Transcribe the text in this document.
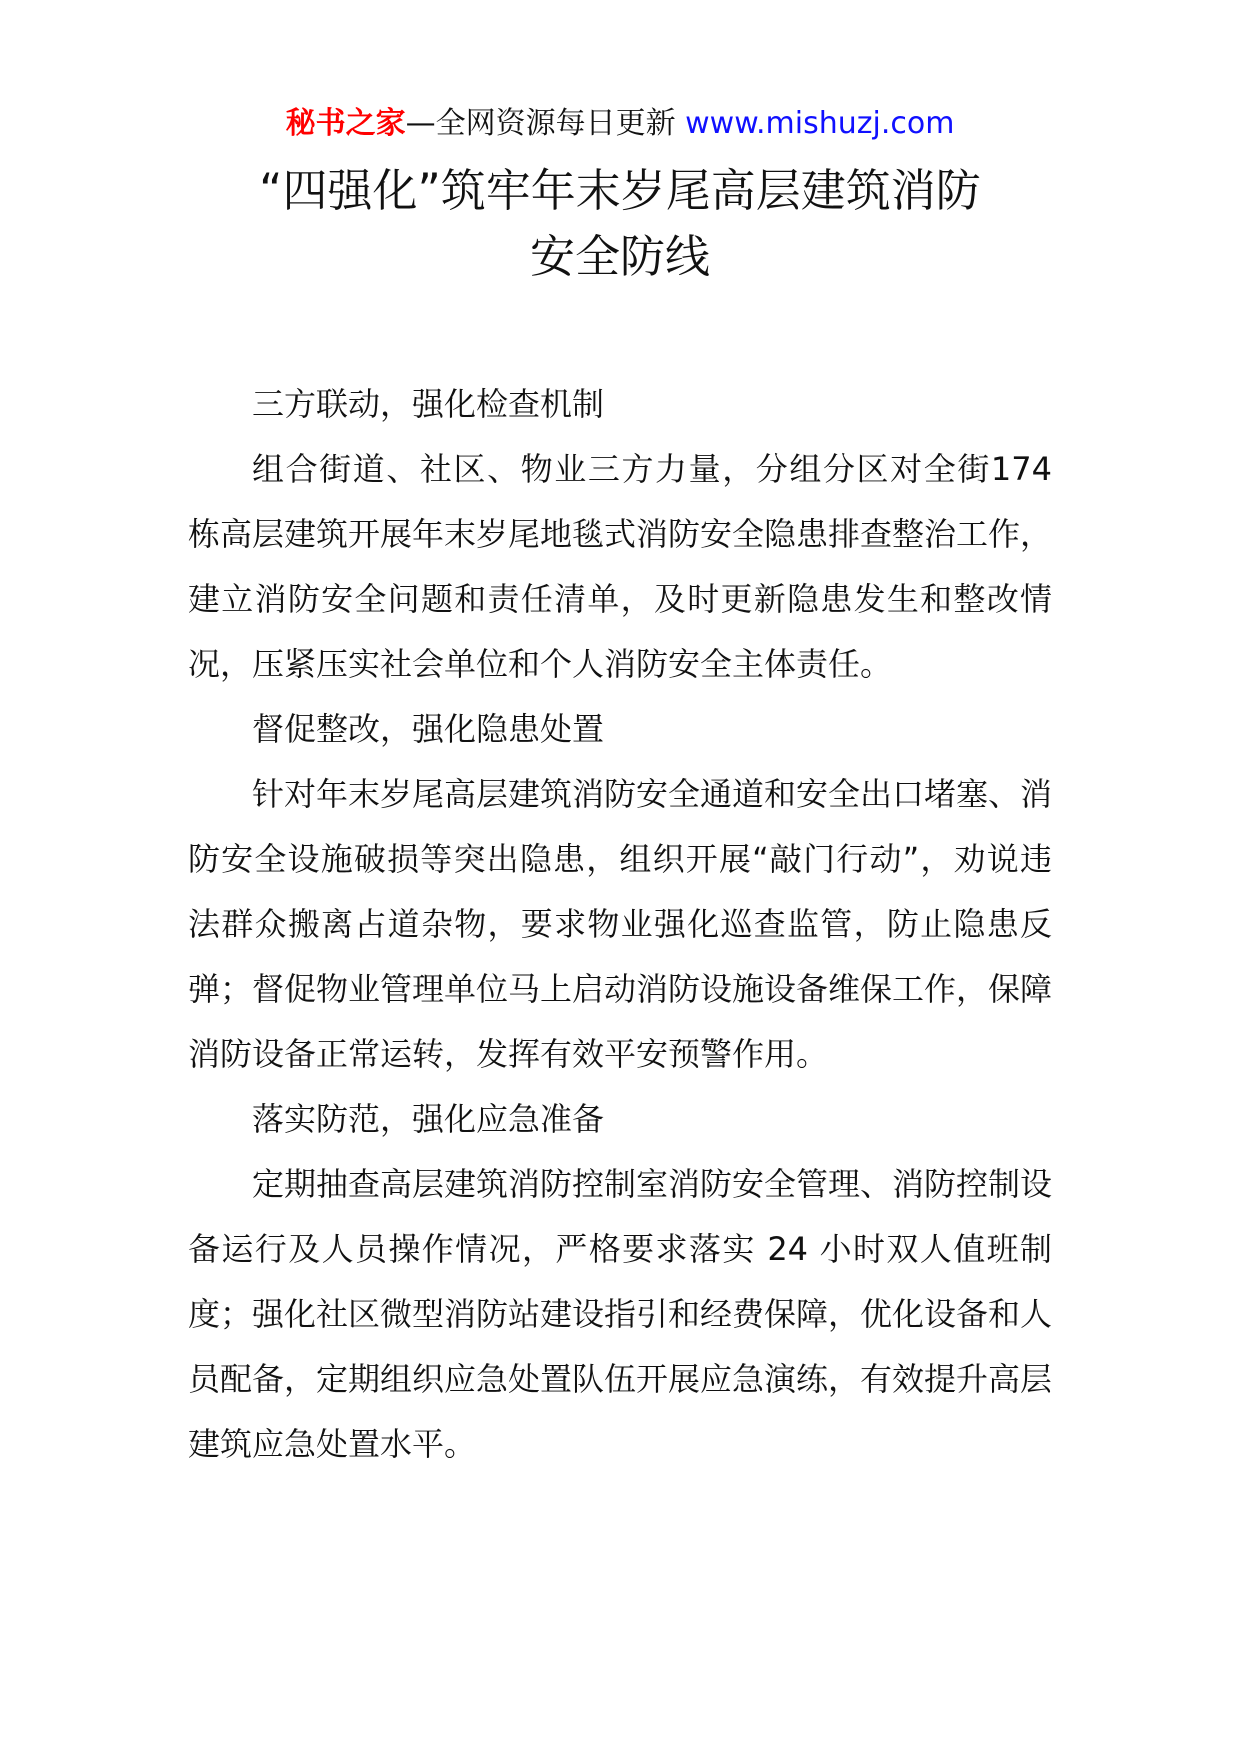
秘书之家—全网资源每日更新 www.mishuzj.com
“四强化”筑牢年末岁尾高层建筑消防
安全防线

三方联动，强化检查机制

组合街道、社区、物业三方力量，分组分区对全街174 栋高层建筑开展年末岁尾地毯式消防安全隐患排查整治工作，建立消防安全问题和责任清单，及时更新隐患发生和整改情况，压紧压实社会单位和个人消防安全主体责任。

督促整改，强化隐患处置

针对年末岁尾高层建筑消防安全通道和安全出口堵塞、消防安全设施破损等突出隐患，组织开展“敲门行动”，劝说违法群众搬离占道杂物，要求物业强化巡查监管，防止隐患反弹；督促物业管理单位马上启动消防设施设备维保工作，保障消防设备正常运转，发挥有效平安预警作用。

落实防范，强化应急准备

定期抽查高层建筑消防控制室消防安全管理、消防控制设备运行及人员操作情况，严格要求落实 24 小时双人值班制度；强化社区微型消防站建设指引和经费保障，优化设备和人员配备，定期组织应急处置队伍开展应急演练，有效提升高层建筑应急处置水平。
